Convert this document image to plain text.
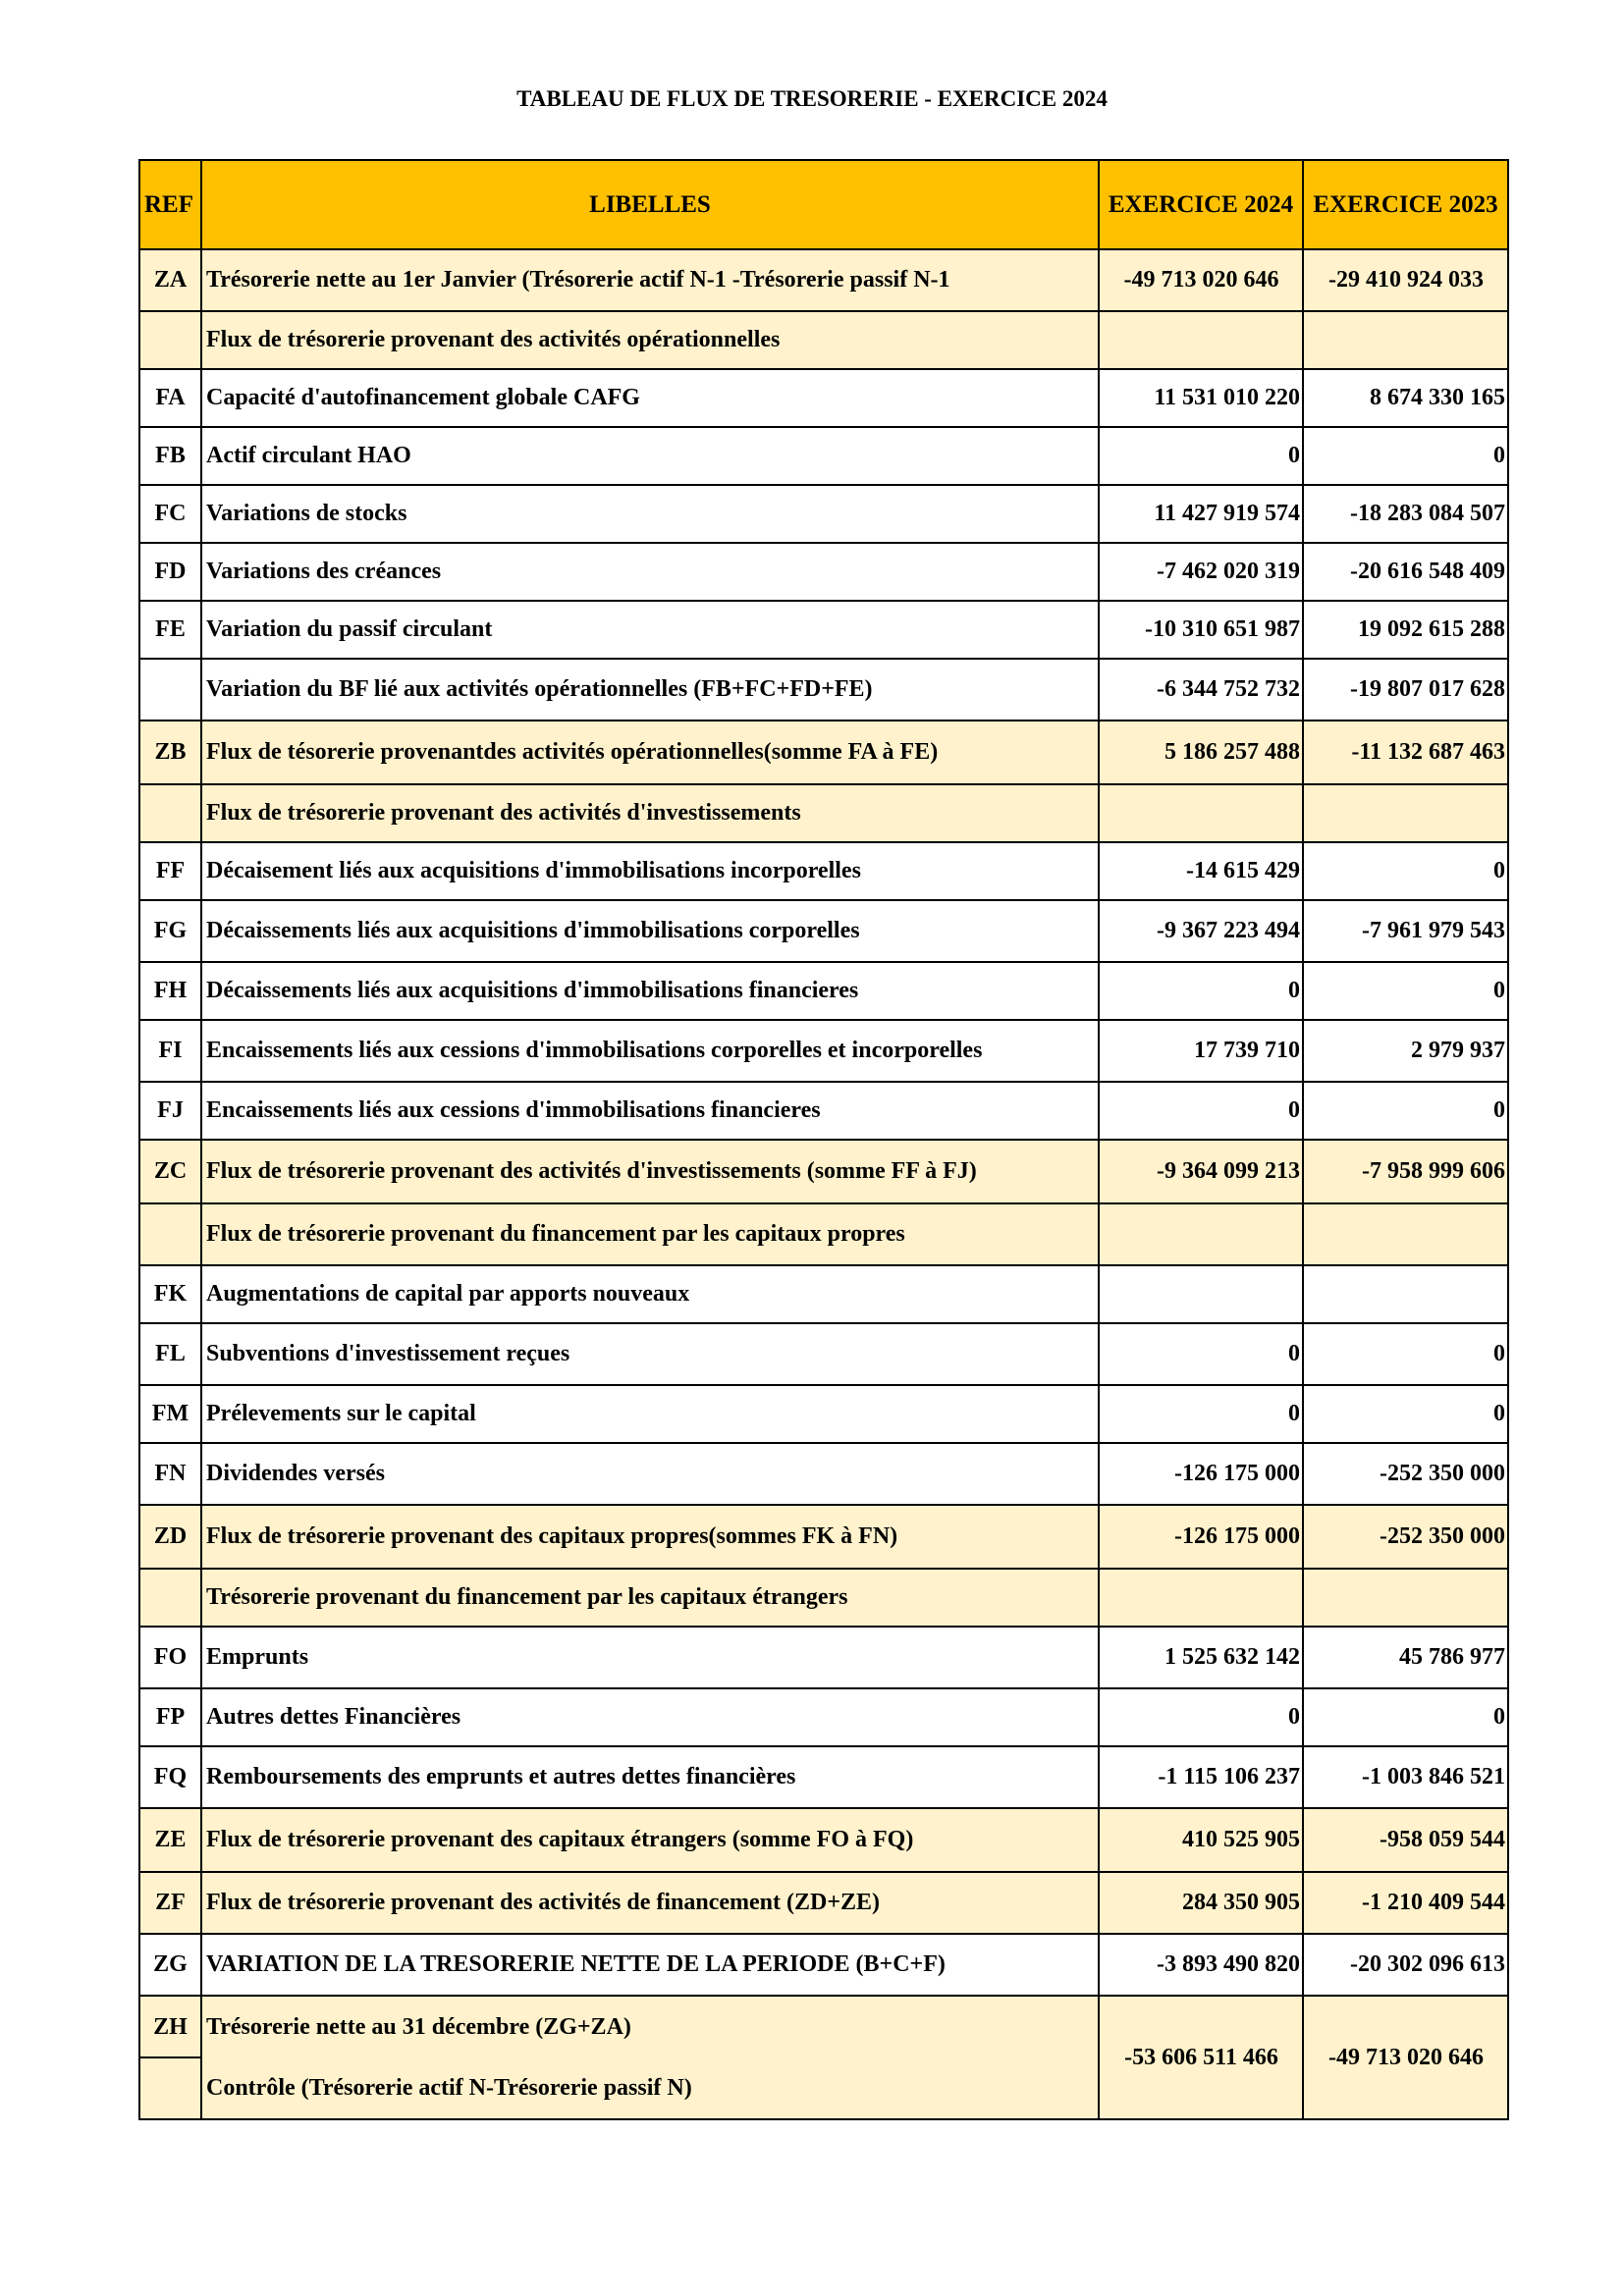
TABLEAU DE FLUX DE TRESORERIE - EXERCICE 2024
REF	LIBELLES	EXERCICE 2024	EXERCICE 2023
ZA	Trésorerie nette au 1er Janvier (Trésorerie actif N-1 -Trésorerie passif N-1	-49 713 020 646	-29 410 924 033
	Flux de trésorerie provenant des activités opérationnelles		
FA	Capacité d'autofinancement globale CAFG	11 531 010 220	8 674 330 165
FB	Actif circulant HAO	0	0
FC	Variations de stocks	11 427 919 574	-18 283 084 507
FD	Variations des créances	-7 462 020 319	-20 616 548 409
FE	Variation du passif circulant	-10 310 651 987	19 092 615 288
	Variation du BF lié aux activités opérationnelles (FB+FC+FD+FE)	-6 344 752 732	-19 807 017 628
ZB	Flux de tésorerie provenantdes activités opérationnelles(somme FA à FE)	5 186 257 488	-11 132 687 463
	Flux de trésorerie provenant des activités d'investissements		
FF	Décaisement liés aux acquisitions d'immobilisations incorporelles	-14 615 429	0
FG	Décaissements liés aux acquisitions d'immobilisations corporelles	-9 367 223 494	-7 961 979 543
FH	Décaissements liés aux acquisitions d'immobilisations financieres	0	0
FI	Encaissements liés aux cessions d'immobilisations corporelles et incorporelles	17 739 710	2 979 937
FJ	Encaissements liés aux cessions d'immobilisations financieres	0	0
ZC	Flux de trésorerie provenant des activités d'investissements (somme FF à FJ)	-9 364 099 213	-7 958 999 606
	Flux de trésorerie provenant du financement par les capitaux propres		
FK	Augmentations de capital par apports nouveaux		
FL	Subventions d'investissement reçues	0	0
FM	Prélevements sur le capital	0	0
FN	Dividendes versés	-126 175 000	-252 350 000
ZD	Flux de trésorerie provenant des capitaux propres(sommes FK à FN)	-126 175 000	-252 350 000
	Trésorerie provenant du financement par les capitaux étrangers		
FO	Emprunts	1 525 632 142	45 786 977
FP	Autres dettes Financières	0	0
FQ	Remboursements des emprunts et autres dettes financières	-1 115 106 237	-1 003 846 521
ZE	Flux de trésorerie provenant des capitaux étrangers (somme FO à FQ)	410 525 905	-958 059 544
ZF	Flux de trésorerie provenant des activités de financement (ZD+ZE)	284 350 905	-1 210 409 544
ZG	VARIATION DE LA TRESORERIE NETTE DE LA PERIODE (B+C+F)	-3 893 490 820	-20 302 096 613
ZH	Trésorerie nette au 31 décembre (ZG+ZA)	-53 606 511 466	-49 713 020 646
	Contrôle (Trésorerie actif N-Trésorerie passif N)		
